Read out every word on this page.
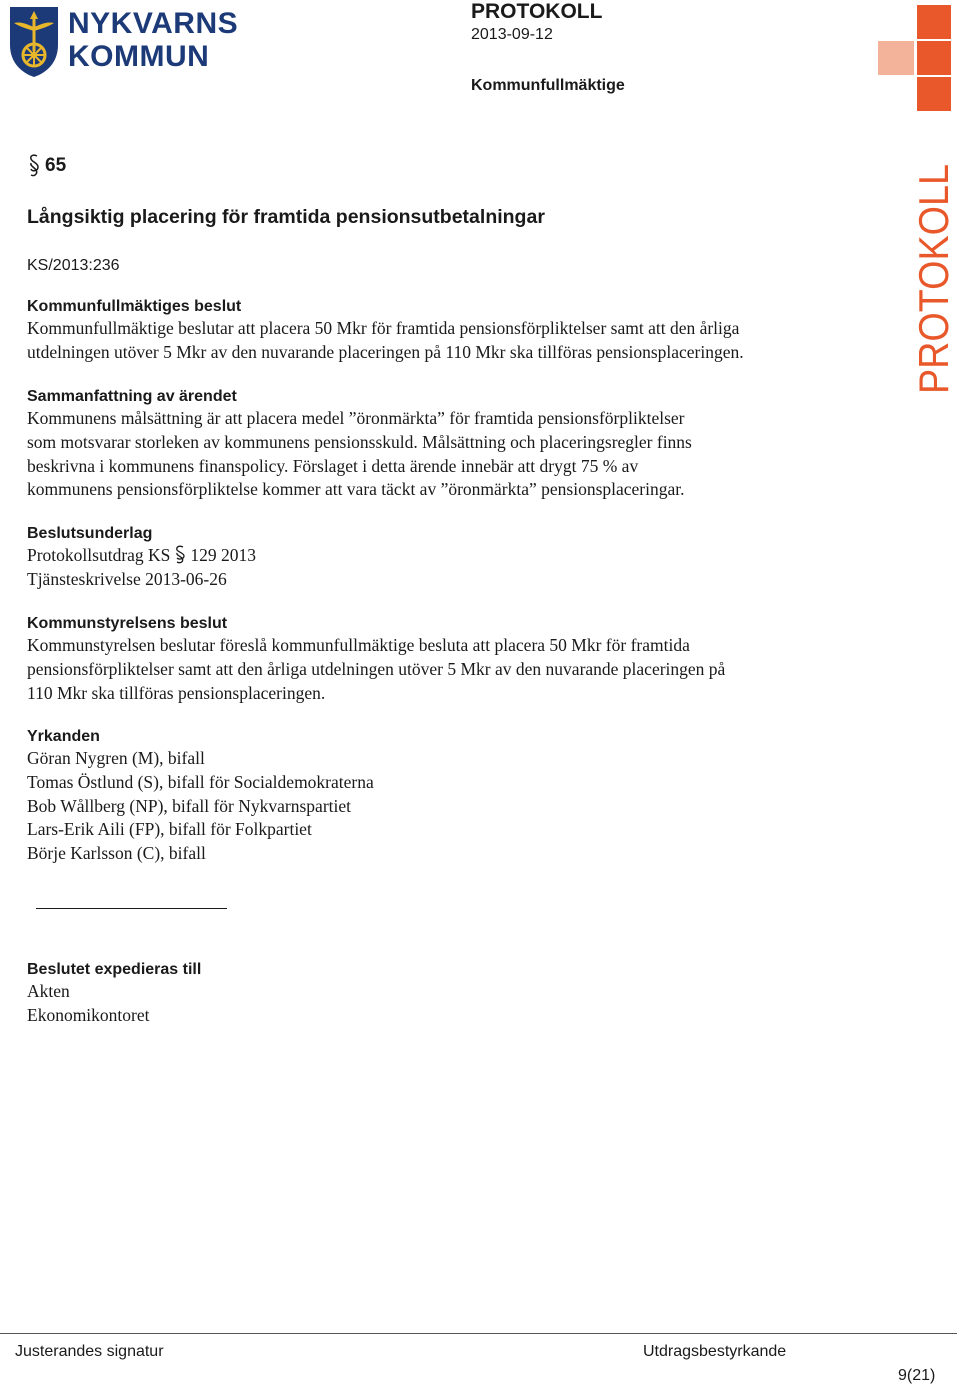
NYKVARNS
KOMMUN
PROTOKOLL
2013-09-12
Kommunfullmäktige
PROTOKOLL
65
Långsiktig placering för framtida pensionsutbetalningar
KS/2013:236
Kommunfullmäktiges beslut
Kommunfullmäktige beslutar att placera 50 Mkr för framtida pensionsförpliktelser samt att den årliga
utdelningen utöver 5 Mkr av den nuvarande placeringen på 110 Mkr ska tillföras pensionsplaceringen.
Sammanfattning av ärendet
Kommunens målsättning är att placera medel ”öronmärkta” för framtida pensionsförpliktelser
som motsvarar storleken av kommunens pensionsskuld. Målsättning och placeringsregler finns
beskrivna i kommunens finanspolicy. Förslaget i detta ärende innebär att drygt 75 % av
kommunens pensionsförpliktelse kommer att vara täckt av ”öronmärkta” pensionsplaceringar.
Beslutsunderlag
Protokollsutdrag KS 129 2013
Tjänsteskrivelse 2013-06-26
Kommunstyrelsens beslut
Kommunstyrelsen beslutar föreslå kommunfullmäktige besluta att placera 50 Mkr för framtida
pensionsförpliktelser samt att den årliga utdelningen utöver 5 Mkr av den nuvarande placeringen på
110 Mkr ska tillföras pensionsplaceringen.
Yrkanden
Göran Nygren (M), bifall
Tomas Östlund (S), bifall för Socialdemokraterna
Bob Wållberg (NP), bifall för Nykvarnspartiet
Lars-Erik Aili (FP), bifall för Folkpartiet
Börje Karlsson (C), bifall
Beslutet expedieras till
Akten
Ekonomikontoret
Justerandes signatur	Utdragsbestyrkande
9(21)
